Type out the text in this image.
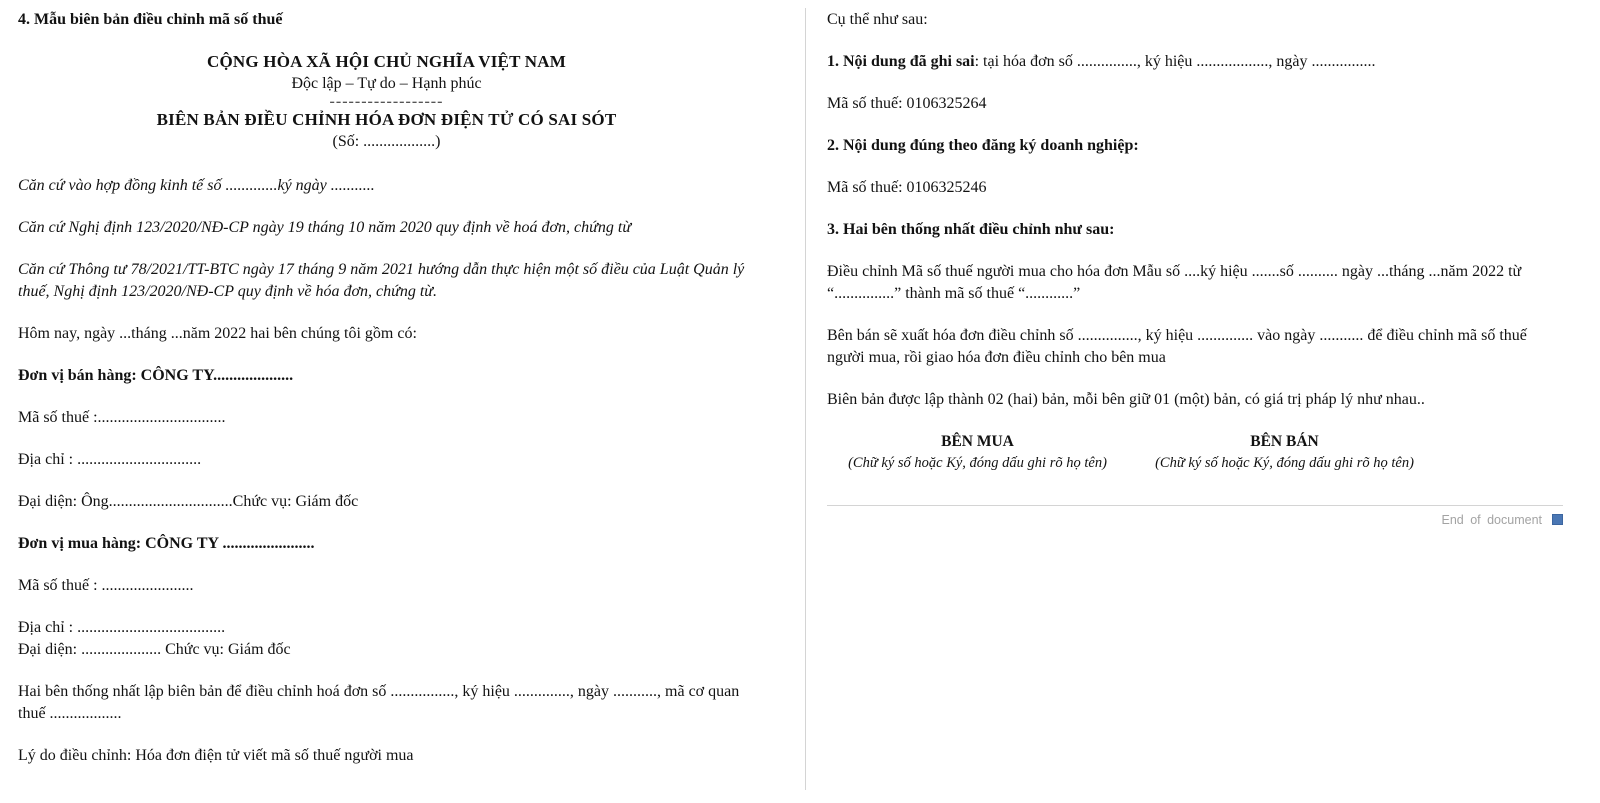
4. Mẫu biên bản điều chỉnh mã số thuế

CỘNG HÒA XÃ HỘI CHỦ NGHĨA VIỆT NAM
Độc lập – Tự do – Hạnh phúc
------------------
BIÊN BẢN ĐIỀU CHỈNH HÓA ĐƠN ĐIỆN TỬ CÓ SAI SÓT
(Số: ..................)

Căn cứ vào hợp đồng kinh tế số .............ký ngày ...........

Căn cứ Nghị định 123/2020/NĐ-CP ngày 19 tháng 10 năm 2020 quy định về hoá đơn, chứng từ

Căn cứ Thông tư 78/2021/TT-BTC ngày 17 tháng 9 năm 2021 hướng dẫn thực hiện một số điều của Luật Quản lý thuế, Nghị định 123/2020/NĐ-CP quy định về hóa đơn, chứng từ.

Hôm nay, ngày ...tháng ...năm 2022 hai bên chúng tôi gồm có:

Đơn vị bán hàng: CÔNG TY....................

Mã số thuế :................................

Địa chỉ : ...............................

Đại diện: Ông...............................Chức vụ: Giám đốc

Đơn vị mua hàng: CÔNG TY .......................

Mã số thuế : .......................

Địa chỉ : .....................................

Đại diện: .................... Chức vụ: Giám đốc

Hai bên thống nhất lập biên bản để điều chỉnh hoá đơn số ................, ký hiệu .............., ngày ..........., mã cơ quan thuế ..................

Lý do điều chỉnh: Hóa đơn điện tử viết mã số thuế người mua

Cụ thể như sau:

1. Nội dung đã ghi sai: tại hóa đơn số ..............., ký hiệu .................., ngày ................

Mã số thuế: 0106325264

2. Nội dung đúng theo đăng ký doanh nghiệp:

Mã số thuế: 0106325246

3. Hai bên thống nhất điều chỉnh như sau:

Điều chỉnh Mã số thuế người mua cho hóa đơn Mẫu số ....ký hiệu .......số .......... ngày ...tháng ...năm 2022 từ “...............” thành mã số thuế “............”

Bên bán sẽ xuất hóa đơn điều chỉnh số ..............., ký hiệu .............. vào ngày ........... để điều chỉnh mã số thuế người mua, rồi giao hóa đơn điều chỉnh cho bên mua

Biên bản được lập thành 02 (hai) bản, mỗi bên giữ 01 (một) bản, có giá trị pháp lý như nhau..

BÊN MUA
(Chữ ký số hoặc Ký, đóng dấu ghi rõ họ tên)
BÊN BÁN
(Chữ ký số hoặc Ký, đóng dấu ghi rõ họ tên)
End of document
